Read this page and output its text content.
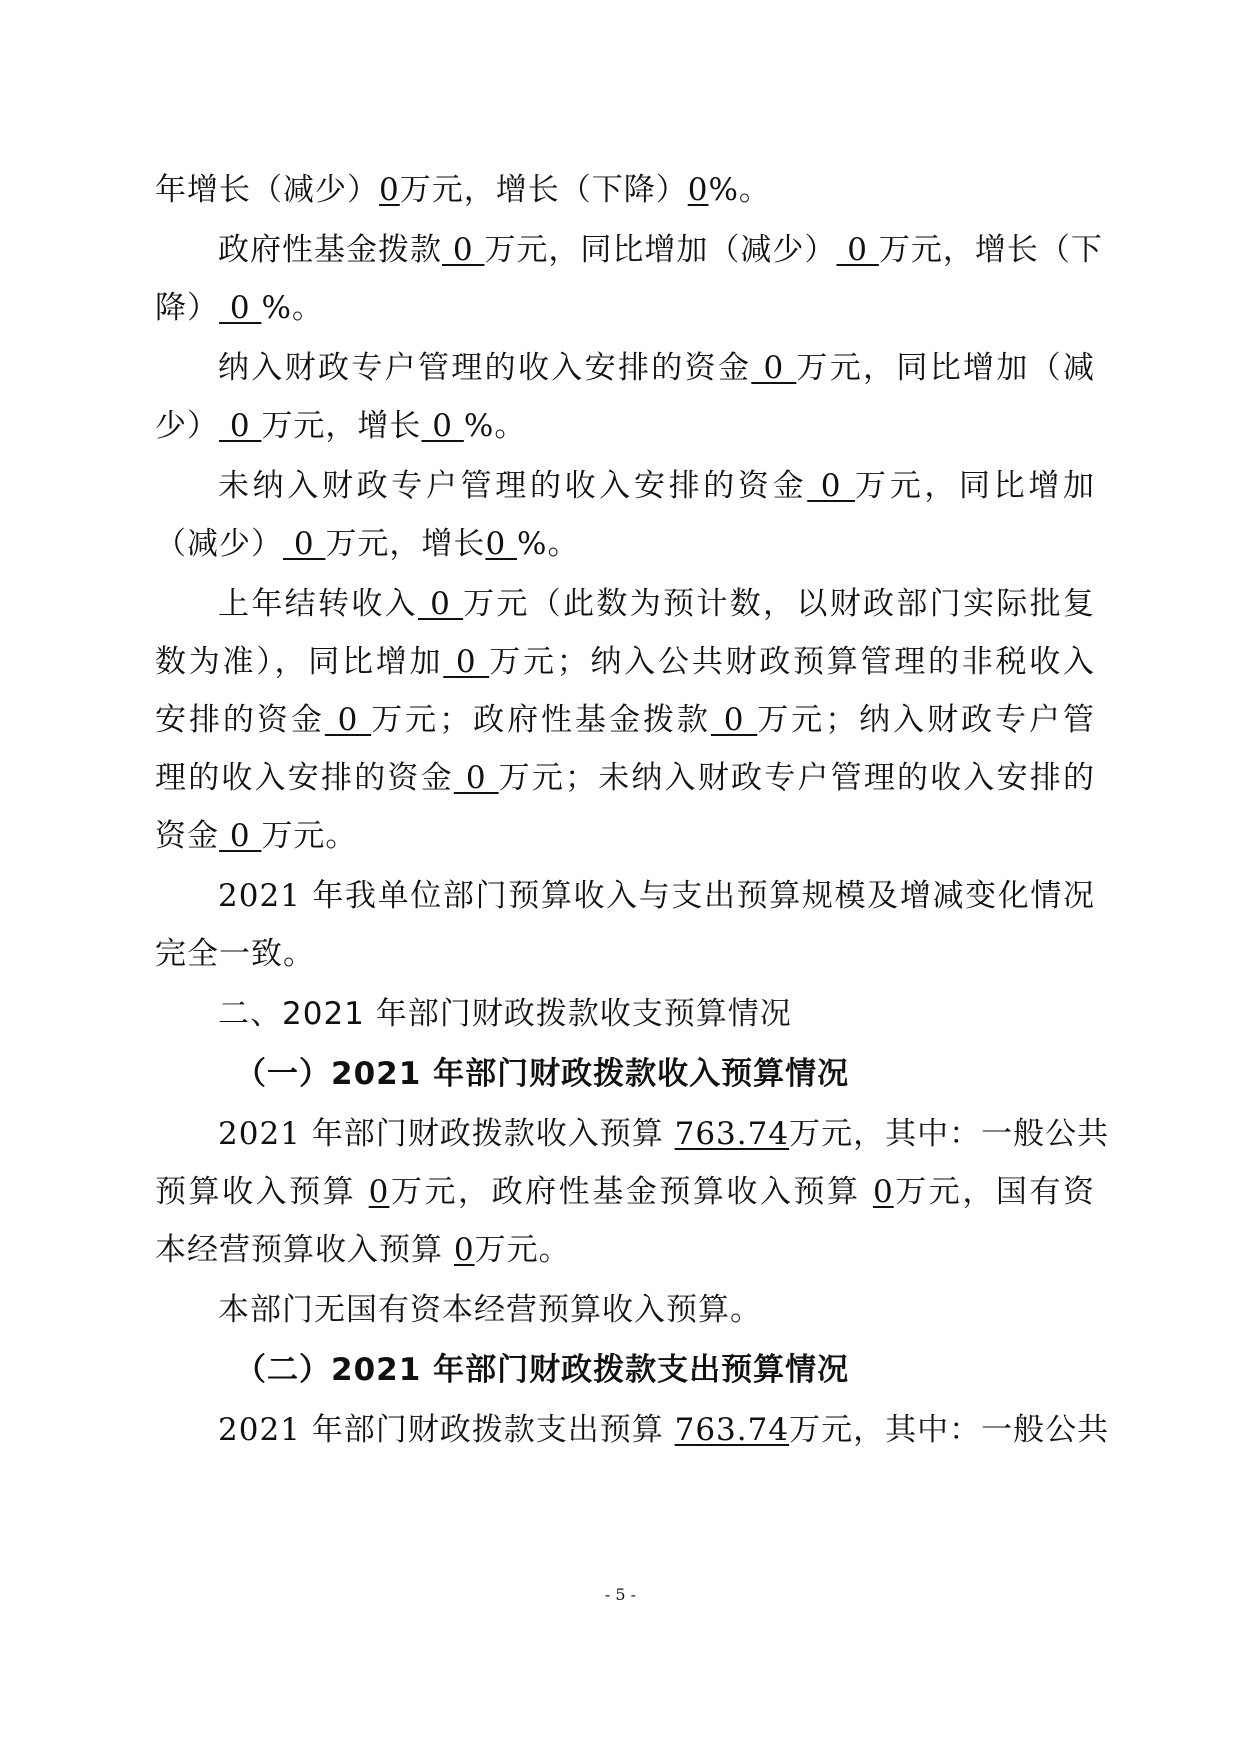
年增长（减少）0万元，增长（下降）0%。
政府性基金拨款 0 万元，同比增加（减少） 0 万元，增长（下
降） 0 %。
纳入财政专户管理的收入安排的资金 0 万元，同比增加（减
少） 0 万元，增长 0 %。
未纳入财政专户管理的收入安排的资金 0 万元，同比增加
（减少） 0 万元，增长0 %。
上年结转收入 0 万元（此数为预计数，以财政部门实际批复
数为准），同比增加 0 万元；纳入公共财政预算管理的非税收入
安排的资金 0 万元；政府性基金拨款 0 万元；纳入财政专户管
理的收入安排的资金 0 万元；未纳入财政专户管理的收入安排的
资金 0 万元。
2021 年我单位部门预算收入与支出预算规模及增减变化情况
完全一致。
二、2021 年部门财政拨款收支预算情况
（一）2021 年部门财政拨款收入预算情况
2021 年部门财政拨款收入预算 763.74万元，其中：一般公共
预算收入预算 0万元，政府性基金预算收入预算 0万元，国有资
本经营预算收入预算 0万元。
本部门无国有资本经营预算收入预算。
（二）2021 年部门财政拨款支出预算情况
2021 年部门财政拨款支出预算 763.74万元，其中：一般公共
- 5 -
